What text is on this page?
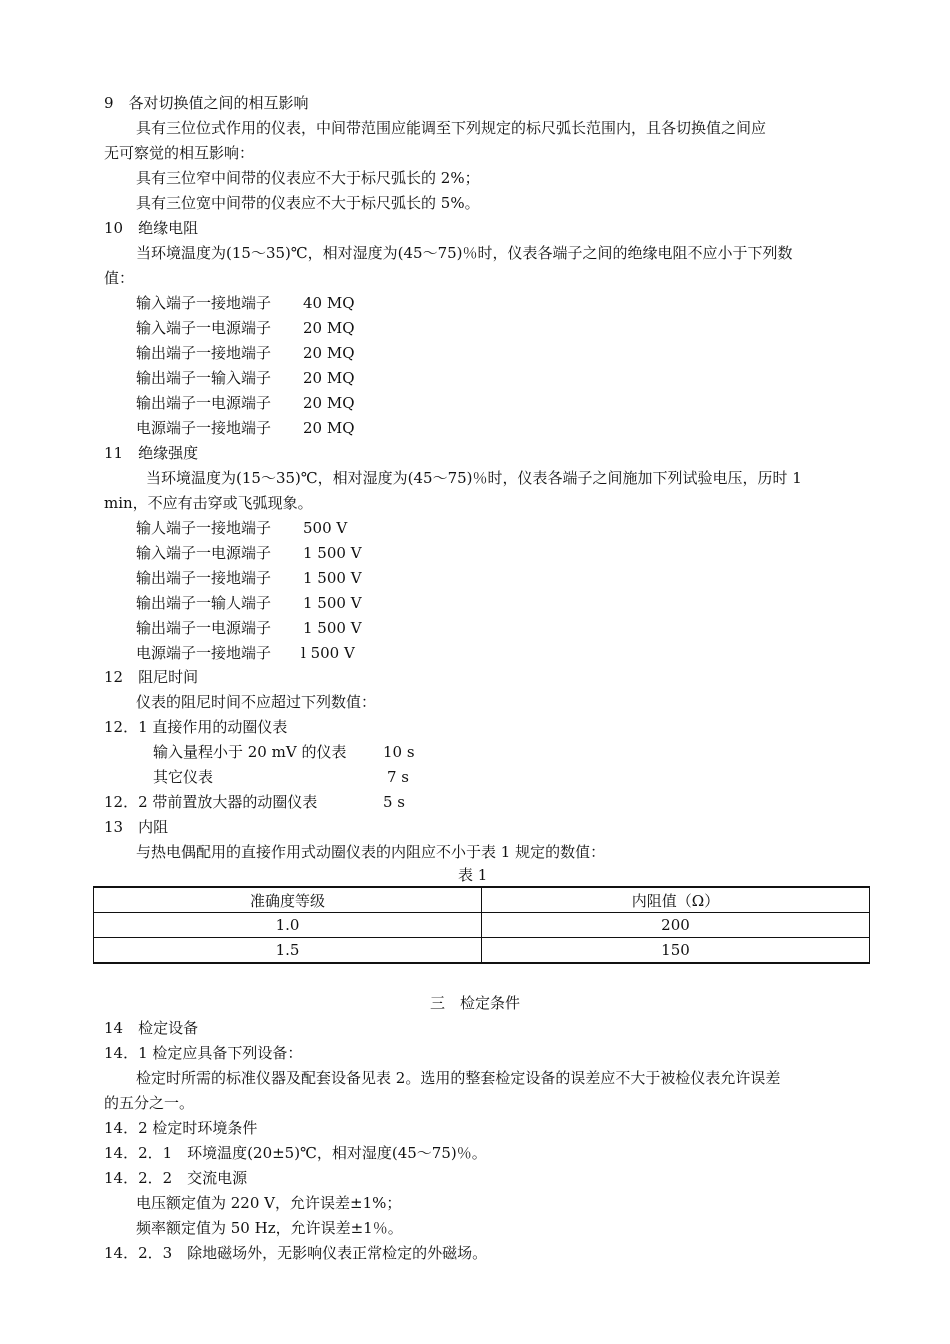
9　各对切换值之间的相互影响
具有三位位式作用的仪表，中间带范围应能调至下列规定的标尺弧长范围内，且各切换值之间应
无可察觉的相互影响：
具有三位窄中间带的仪表应不大于标尺弧长的 2%；
具有三位宽中间带的仪表应不大于标尺弧长的 5%。
10　绝缘电阻
当环境温度为(15～35)℃，相对湿度为(45～75)％时，仪表各端子之间的绝缘电阻不应小于下列数
值：
输入端子一接地端子 40 MQ
输入端子一电源端子 20 MQ
输出端子一接地端子 20 MQ
输出端子一输入端子 20 MQ
输出端子一电源端子 20 MQ
电源端子一接地端子 20 MQ
11　绝缘强度
当环境温度为(15～35)℃，相对湿度为(45～75)％时，仪表各端子之间施加下列试验电压，历时 1
min，不应有击穿或飞弧现象。
输人端子一接地端子 500 V
输入端子一电源端子 1 500 V
输出端子一接地端子 1 500 V
输出端子一输人端子 1 500 V
输出端子一电源端子 1 500 V
电源端子一接地端子 l 500 V
12　阻尼时间
仪表的阻尼时间不应超过下列数值：
12．1 直接作用的动圈仪表
输入量程小于 20 mV 的仪表 10 s
其它仪表	7 s
12．2 带前置放大器的动圈仪表	5 s
13　内阻
与热电偶配用的直接作用式动圈仪表的内阻应不小于表 1 规定的数值：
表 1
准确度等级	内阻值（Ω）
1.0	200
1.5	150
三　检定条件
14　检定设备
14．1 检定应具备下列设备：
检定时所需的标准仪器及配套设备见表 2。选用的整套检定设备的误差应不大于被检仪表允许误差
的五分之一。
14．2 检定时环境条件
14．2．1　环境温度(20±5)℃，相对湿度(45～75)％。
14．2．2　交流电源
电压额定值为 220 V，允许误差±1%；
频率额定值为 50 Hz，允许误差±1％。
14．2．3　除地磁场外，无影响仪表正常检定的外磁场。
